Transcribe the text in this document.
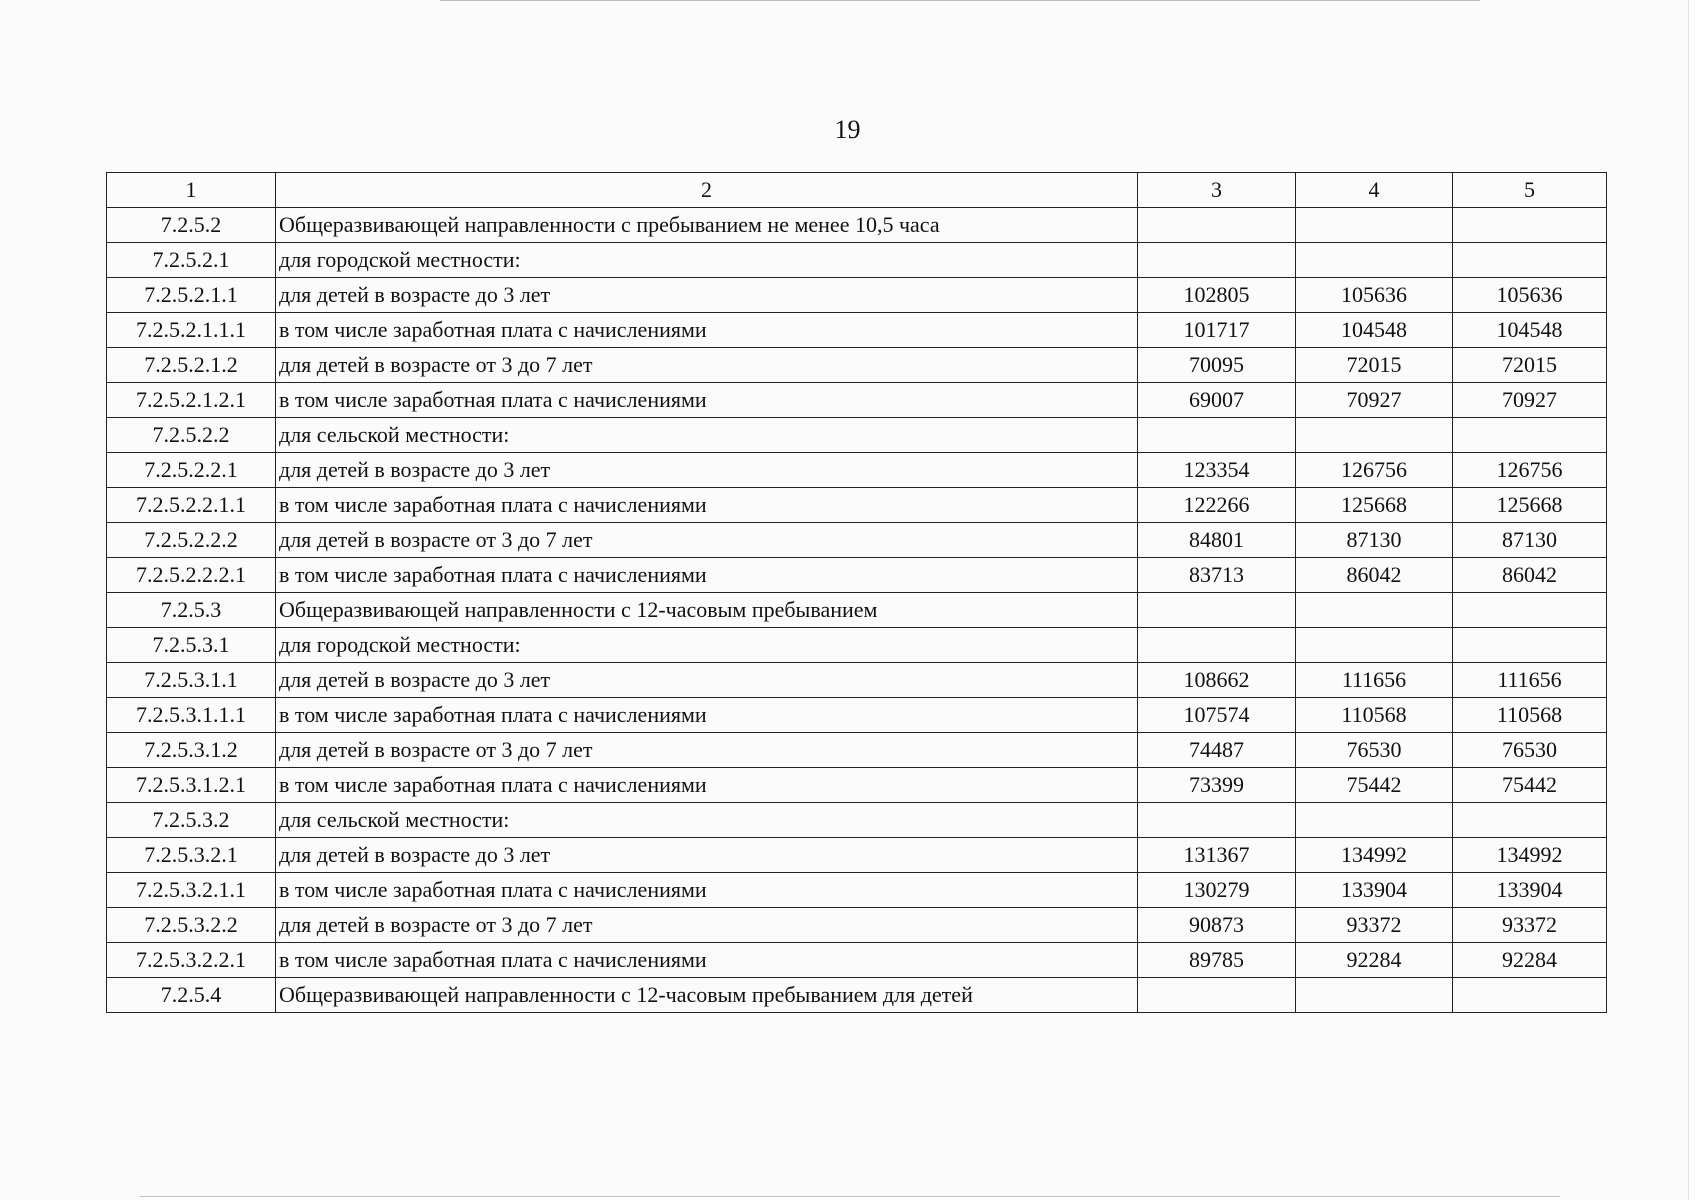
19
1	2	3	4	5
7.2.5.2	Общеразвивающей направленности с пребыванием не менее 10,5 часа			
7.2.5.2.1	для городской местности:			
7.2.5.2.1.1	для детей в возрасте до 3 лет	102805	105636	105636
7.2.5.2.1.1.1	в том числе заработная плата с начислениями	101717	104548	104548
7.2.5.2.1.2	для детей в возрасте от 3 до 7 лет	70095	72015	72015
7.2.5.2.1.2.1	в том числе заработная плата с начислениями	69007	70927	70927
7.2.5.2.2	для сельской местности:			
7.2.5.2.2.1	для детей в возрасте до 3 лет	123354	126756	126756
7.2.5.2.2.1.1	в том числе заработная плата с начислениями	122266	125668	125668
7.2.5.2.2.2	для детей в возрасте от 3 до 7 лет	84801	87130	87130
7.2.5.2.2.2.1	в том числе заработная плата с начислениями	83713	86042	86042
7.2.5.3	Общеразвивающей направленности с 12-часовым пребыванием			
7.2.5.3.1	для городской местности:			
7.2.5.3.1.1	для детей в возрасте до 3 лет	108662	111656	111656
7.2.5.3.1.1.1	в том числе заработная плата с начислениями	107574	110568	110568
7.2.5.3.1.2	для детей в возрасте от 3 до 7 лет	74487	76530	76530
7.2.5.3.1.2.1	в том числе заработная плата с начислениями	73399	75442	75442
7.2.5.3.2	для сельской местности:			
7.2.5.3.2.1	для детей в возрасте до 3 лет	131367	134992	134992
7.2.5.3.2.1.1	в том числе заработная плата с начислениями	130279	133904	133904
7.2.5.3.2.2	для детей в возрасте от 3 до 7 лет	90873	93372	93372
7.2.5.3.2.2.1	в том числе заработная плата с начислениями	89785	92284	92284
7.2.5.4	Общеразвивающей направленности с 12-часовым пребыванием для детей			
